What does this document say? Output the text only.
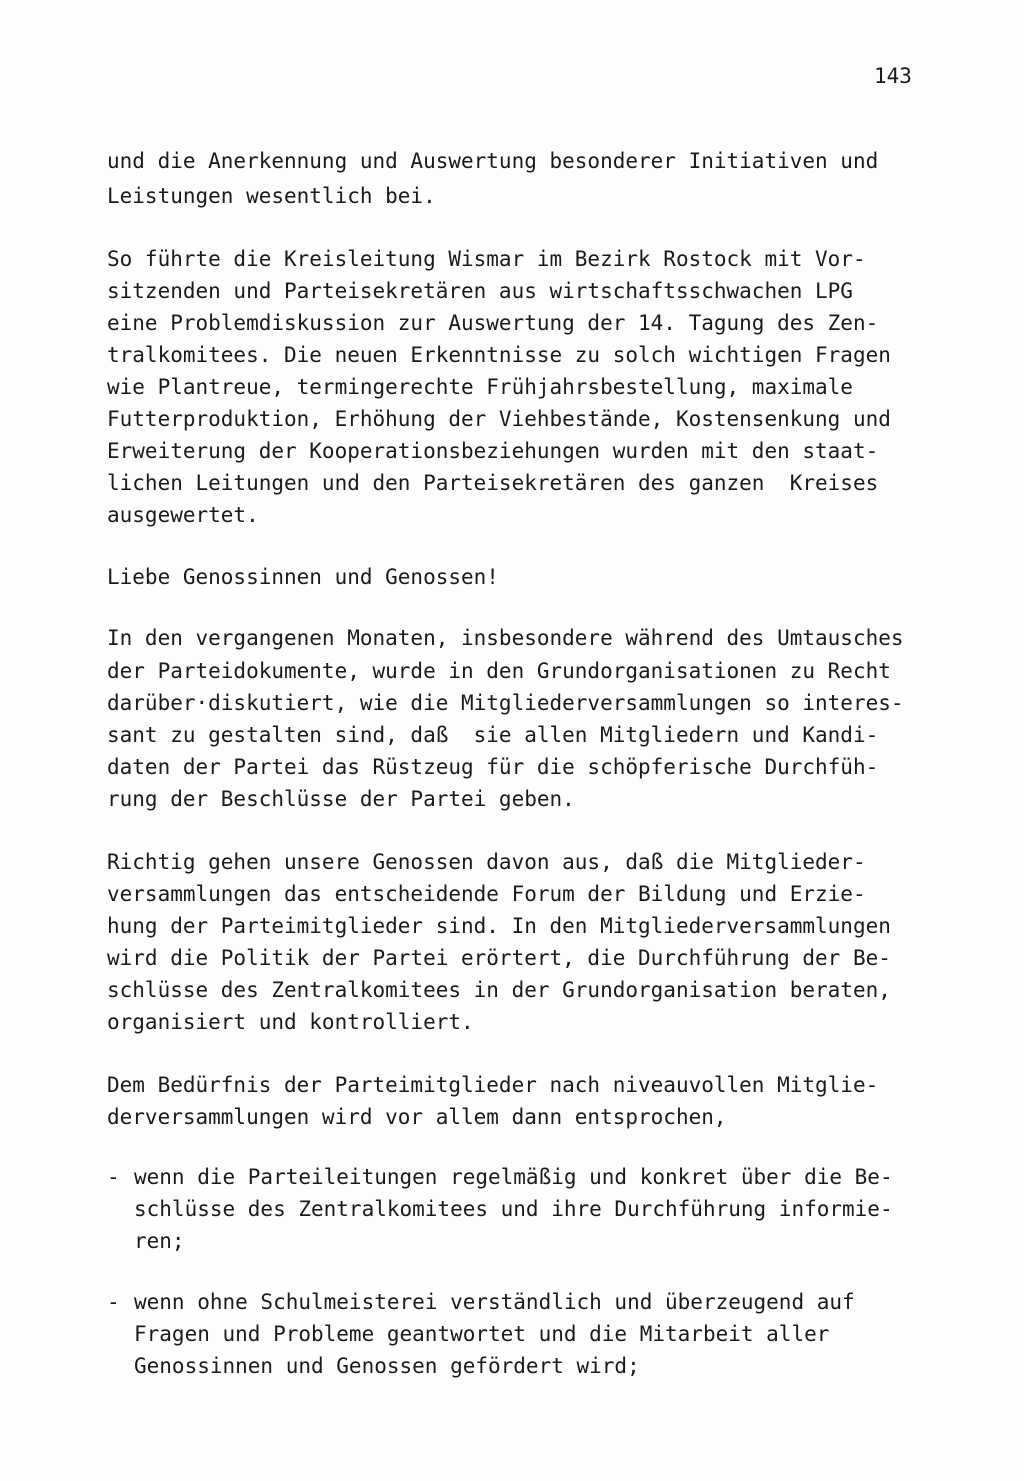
143

und die Anerkennung und Auswertung besonderer Initiativen und

Leistungen wesentlich bei.

So führte die Kreisleitung Wismar im Bezirk Rostock mit Vor-

sitzenden und Parteisekretären aus wirtschaftsschwachen LPG

eine Problemdiskussion zur Auswertung der 14. Tagung des Zen-

tralkomitees. Die neuen Erkenntnisse zu solch wichtigen Fragen

wie Plantreue, termingerechte Frühjahrsbestellung, maximale

Futterproduktion, Erhöhung der Viehbestände, Kostensenkung und

Erweiterung der Kooperationsbeziehungen wurden mit den staat-

lichen Leitungen und den Parteisekretären des ganzen  Kreises

ausgewertet.

Liebe Genossinnen und Genossen!

In den vergangenen Monaten, insbesondere während des Umtausches

der Parteidokumente, wurde in den Grundorganisationen zu Recht

darüber·diskutiert, wie die Mitgliederversammlungen so interes-

sant zu gestalten sind, daß  sie allen Mitgliedern und Kandi-

daten der Partei das Rüstzeug für die schöpferische Durchfüh-

rung der Beschlüsse der Partei geben.

Richtig gehen unsere Genossen davon aus, daß die Mitglieder-

versammlungen das entscheidende Forum der Bildung und Erzie-

hung der Parteimitglieder sind. In den Mitgliederversammlungen

wird die Politik der Partei erörtert, die Durchführung der Be-

schlüsse des Zentralkomitees in der Grundorganisation beraten,

organisiert und kontrolliert.

Dem Bedürfnis der Parteimitglieder nach niveauvollen Mitglie-

derversammlungen wird vor allem dann entsprochen,

- wenn die Parteileitungen regelmäßig und konkret über die Be-

schlüsse des Zentralkomitees und ihre Durchführung informie-

ren;

- wenn ohne Schulmeisterei verständlich und überzeugend auf

Fragen und Probleme geantwortet und die Mitarbeit aller

Genossinnen und Genossen gefördert wird;
